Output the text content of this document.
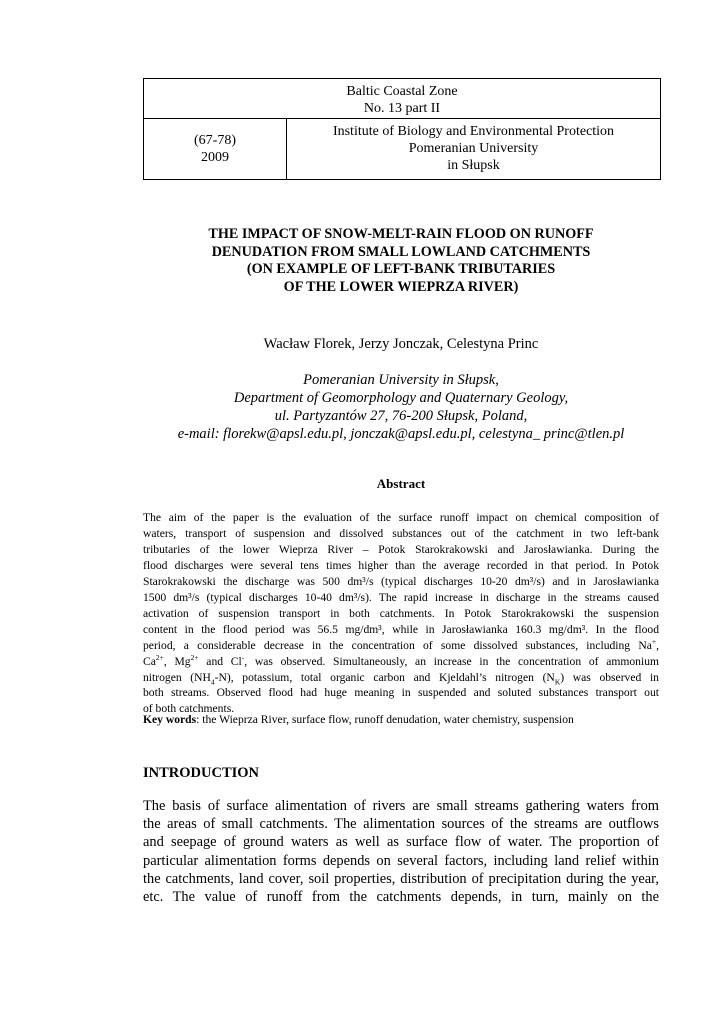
Baltic Coastal Zone
No. 13 part II
(67-78)
2009
Institute of Biology and Environmental Protection
Pomeranian University
in Słupsk
THE IMPACT OF SNOW-MELT-RAIN FLOOD ON RUNOFF
DENUDATION FROM SMALL LOWLAND CATCHMENTS
(ON EXAMPLE OF LEFT-BANK TRIBUTARIES
OF THE LOWER WIEPRZA RIVER)
Wacław Florek, Jerzy Jonczak, Celestyna Princ
Pomeranian University in Słupsk,
Department of Geomorphology and Quaternary Geology,
ul. Partyzantów 27, 76-200 Słupsk, Poland,
e-mail: florekw@apsl.edu.pl, jonczak@apsl.edu.pl, celestyna_ princ@tlen.pl
Abstract
The aim of the paper is the evaluation of the surface runoff impact on chemical composition of
waters, transport of suspension and dissolved substances out of the catchment in two left-bank
tributaries of the lower Wieprza River – Potok Starokrakowski and Jarosławianka. During the
flood discharges were several tens times higher than the average recorded in that period. In Potok
Starokrakowski the discharge was 500 dm³/s (typical discharges 10-20 dm³/s) and in Jarosławianka
1500 dm³/s (typical discharges 10-40 dm³/s). The rapid increase in discharge in the streams caused
activation of suspension transport in both catchments. In Potok Starokrakowski the suspension
content in the flood period was 56.5 mg/dm³, while in Jarosławianka 160.3 mg/dm³. In the flood
period, a considerable decrease in the concentration of some dissolved substances, including Na+,
$Ca^{2+}$, $Mg^{2+}$ and Cl-, was observed. Simultaneously, an increase in the concentration of ammonium
nitrogen $(NH_4-N)$, potassium, total organic carbon and Kjeldahl’s nitrogen $(N_K)$ was observed in
both streams. Observed flood had huge meaning in suspended and soluted substances transport out
of both catchments.
Key words: the Wieprza River, surface flow, runoff denudation, water chemistry, suspension
INTRODUCTION
The basis of surface alimentation of rivers are small streams gathering waters from
the areas of small catchments. The alimentation sources of the streams are outflows
and seepage of ground waters as well as surface flow of water. The proportion of
particular alimentation forms depends on several factors, including land relief within
the catchments, land cover, soil properties, distribution of precipitation during the year,
etc. The value of runoff from the catchments depends, in turn, mainly on the
